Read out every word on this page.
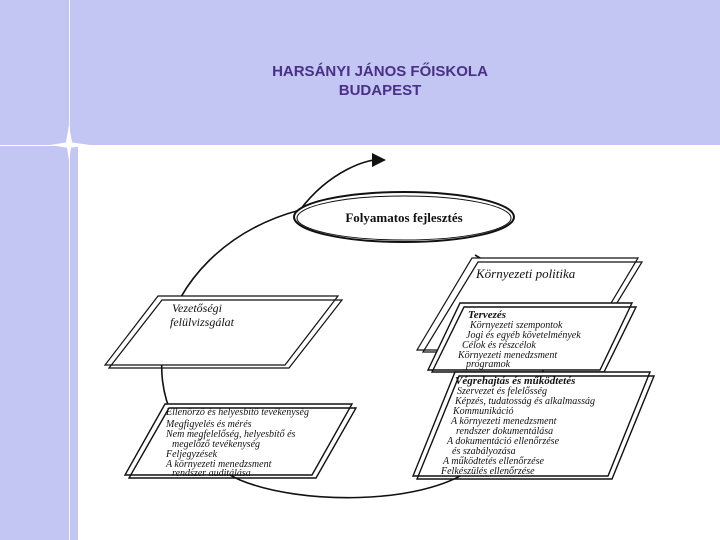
HARSÁNYI JÁNOS FŐISKOLA
BUDAPEST
Folyamatos fejlesztés
Környezeti politika
Vezetőségi felülvizsgálat	Tervezés Környezeti szempontok Jogi és egyéb követelmények Célok és részcélok Környezeti menedzsment programok
Végrehajtás és működtetés Szervezet és felelősség Képzés, tudatosság és alkalmasság Kommunikáció A környezeti menedzsment rendszer dokumentálása A dokumentáció ellenőrzése és szabályozása A működtetés ellenőrzése Felkészülés ellenőrzése
Ellenőrző és helyesbítő tevékenység Megfigyelés és mérés Nem megfelelőség, helyesbítő és megelőző tevékenység Feljegyzések A környezeti menedzsment rendszer auditálása
